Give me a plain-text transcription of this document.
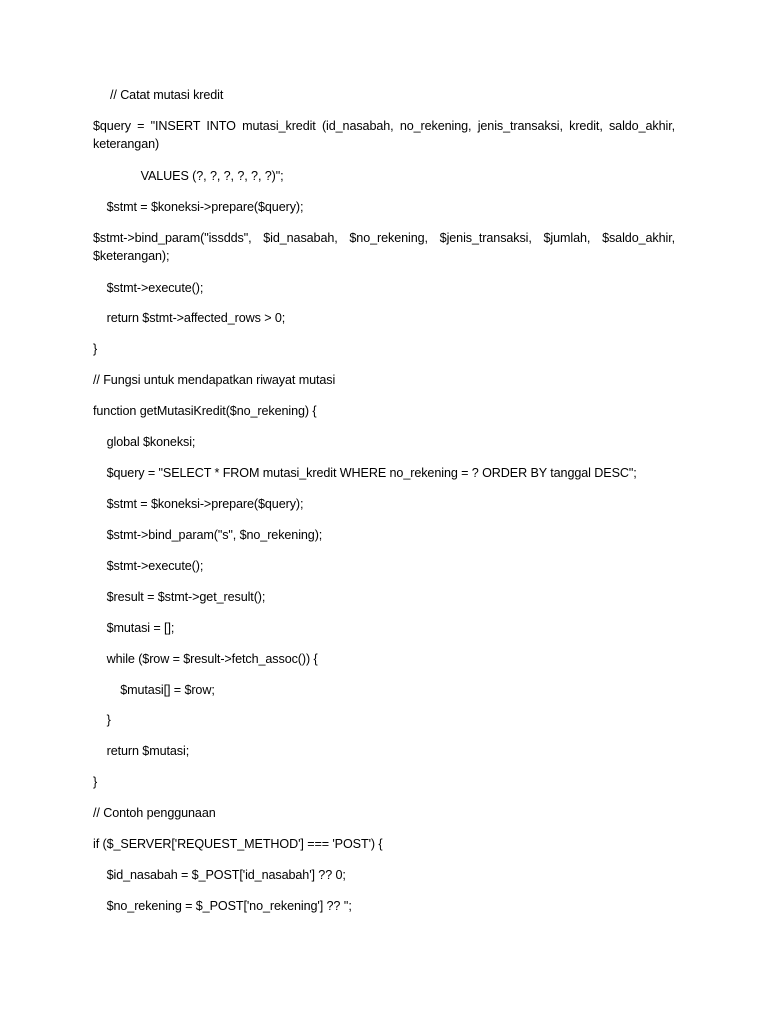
// Catat mutasi kredit
$query = "INSERT INTO mutasi_kredit (id_nasabah, no_rekening, jenis_transaksi, kredit, saldo_akhir, keterangan)
VALUES (?, ?, ?, ?, ?, ?)";
$stmt = $koneksi->prepare($query);
$stmt->bind_param("issdds", $id_nasabah, $no_rekening, $jenis_transaksi, $jumlah, $saldo_akhir, $keterangan);
$stmt->execute();
return $stmt->affected_rows > 0;
}
// Fungsi untuk mendapatkan riwayat mutasi
function getMutasiKredit($no_rekening) {
global $koneksi;
$query = "SELECT * FROM mutasi_kredit WHERE no_rekening = ? ORDER BY tanggal DESC";
$stmt = $koneksi->prepare($query);
$stmt->bind_param("s", $no_rekening);
$stmt->execute();
$result = $stmt->get_result();
$mutasi = [];
while ($row = $result->fetch_assoc()) {
$mutasi[] = $row;
}
return $mutasi;
}
// Contoh penggunaan
if ($_SERVER['REQUEST_METHOD'] === 'POST') {
$id_nasabah = $_POST['id_nasabah'] ?? 0;
$no_rekening = $_POST['no_rekening'] ?? '';
